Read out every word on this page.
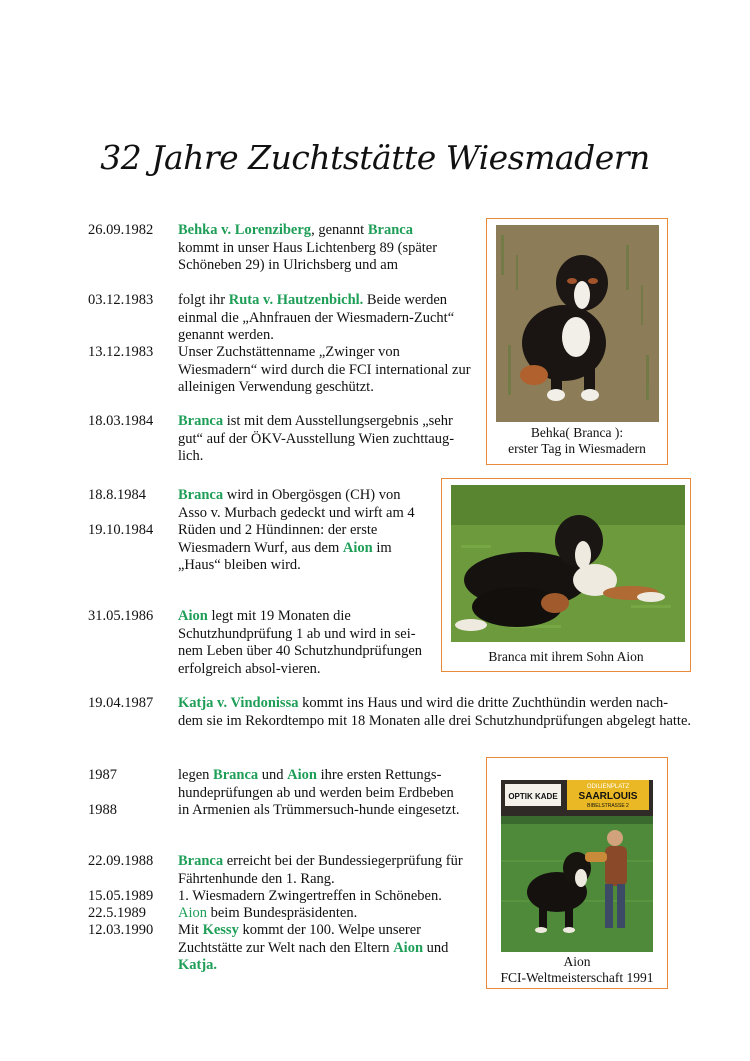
32 Jahre Zuchtstätte Wiesmadern
26.09.1982 Behka v. Lorenziberg, genannt Branca
kommt in unser Haus Lichtenberg 89 (später Schöneben 29) in Ulrichsberg und am
03.12.1983 folgt ihr Ruta v. Hautzenbichl. Beide werden einmal die „Ahnfrauen der Wiesmadern-Zucht“ genannt werden.
13.12.1983 Unser Zuchstättenname „Zwinger von Wiesmadern“ wird durch die FCI international zur alleinigen Verwendung geschützt.
18.03.1984 Branca ist mit dem Ausstellungsergebnis „sehr gut“ auf der ÖKV-Ausstellung Wien zuchttaug-lich.
18.8.1984
19.10.1984
Branca wird in Obergösgen (CH) von Asso v. Murbach gedeckt und wirft am 4 Rüden und 2 Hündinnen: der erste Wiesmadern Wurf, aus dem Aion im „Haus“ bleiben wird.
31.05.1986 Aion legt mit 19 Monaten die Schutzhundprüfung 1 ab und wird in sei-nem Leben über 40 Schutzhundprüfungen erfolgreich absol-vieren.
19.04.1987 Katja v. Vindonissa kommt ins Haus und wird die dritte Zuchthündin werden nach-dem sie im Rekordtempo mit 18 Monaten alle drei Schutzhundprüfungen abgelegt hatte.
1987
1988
legen Branca und Aion ihre ersten Rettungs-hundeprüfungen ab und werden beim Erdbeben in Armenien als Trümmersuch-hunde eingesetzt.
22.09.1988 Branca erreicht bei der Bundessiegerprüfung für Fährtenhunde den 1. Rang.
15.05.1989 1. Wiesmadern Zwingertreffen in Schöneben.
22.5.1989 Aion beim Bundespräsidenten.
12.03.1990 Mit Kessy kommt der 100. Welpe unserer Zuchtstätte zur Welt nach den Eltern Aion und Katja.
Behka( Branca ):
erster Tag in Wiesmadern
Branca mit ihrem Sohn Aion
OPTIK KADE
ODILIENPLATZ
SAARLOUIS
BIBELSTRASSE 2
Aion
FCI-Weltmeisterschaft 1991
